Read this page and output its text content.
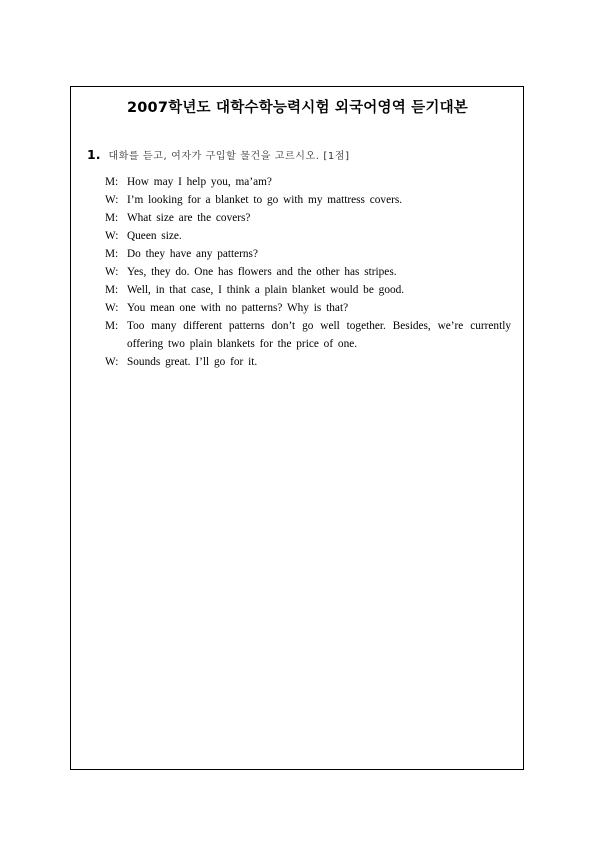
2007학년도 대학수학능력시험 외국어영역 듣기대본
1. 대화를 듣고, 여자가 구입할 물건을 고르시오. [1점]
M: How may I help you, ma’am?
W: I’m looking for a blanket to go with my mattress covers.
M: What size are the covers?
W: Queen size.
M: Do they have any patterns?
W: Yes, they do. One has flowers and the other has stripes.
M: Well, in that case, I think a plain blanket would be good.
W: You mean one with no patterns? Why is that?
M: Too many different patterns don’t go well together. Besides, we’re currently offering two plain blankets for the price of one.
W: Sounds great. I’ll go for it.
